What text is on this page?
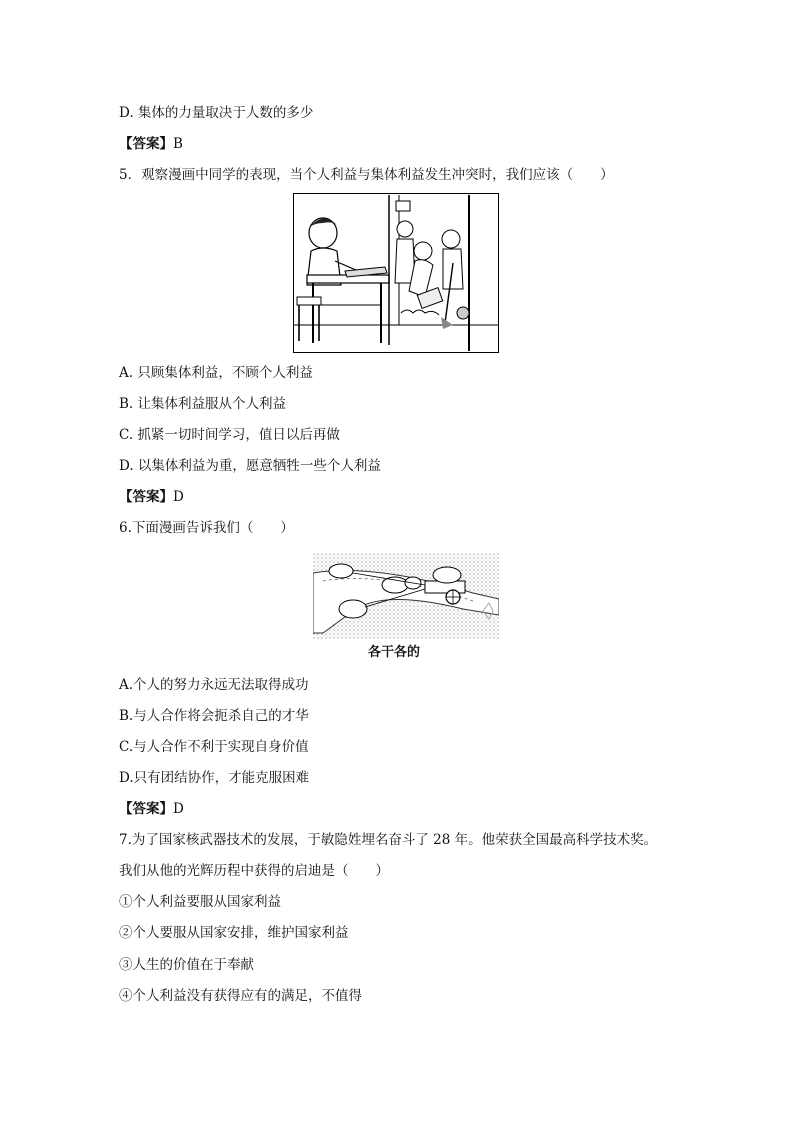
D. 集体的力量取决于人数的多少
【答案】B
5．观察漫画中同学的表现，当个人利益与集体利益发生冲突时，我们应该（　　）
A. 只顾集体利益，不顾个人利益
B. 让集体利益服从个人利益
C. 抓紧一切时间学习，值日以后再做
D. 以集体利益为重，愿意牺牲一些个人利益
【答案】D
6.下面漫画告诉我们（　　）
各干各的
A.个人的努力永远无法取得成功
B.与人合作将会扼杀自己的才华
C.与人合作不利于实现自身价值
D.只有团结协作，才能克服困难
【答案】D
7.为了国家核武器技术的发展，于敏隐姓埋名奋斗了 28 年。他荣获全国最高科学技术奖。
我们从他的光辉历程中获得的启迪是（　　）
①个人利益要服从国家利益
②个人要服从国家安排，维护国家利益
③人生的价值在于奉献
④个人利益没有获得应有的满足，不值得
